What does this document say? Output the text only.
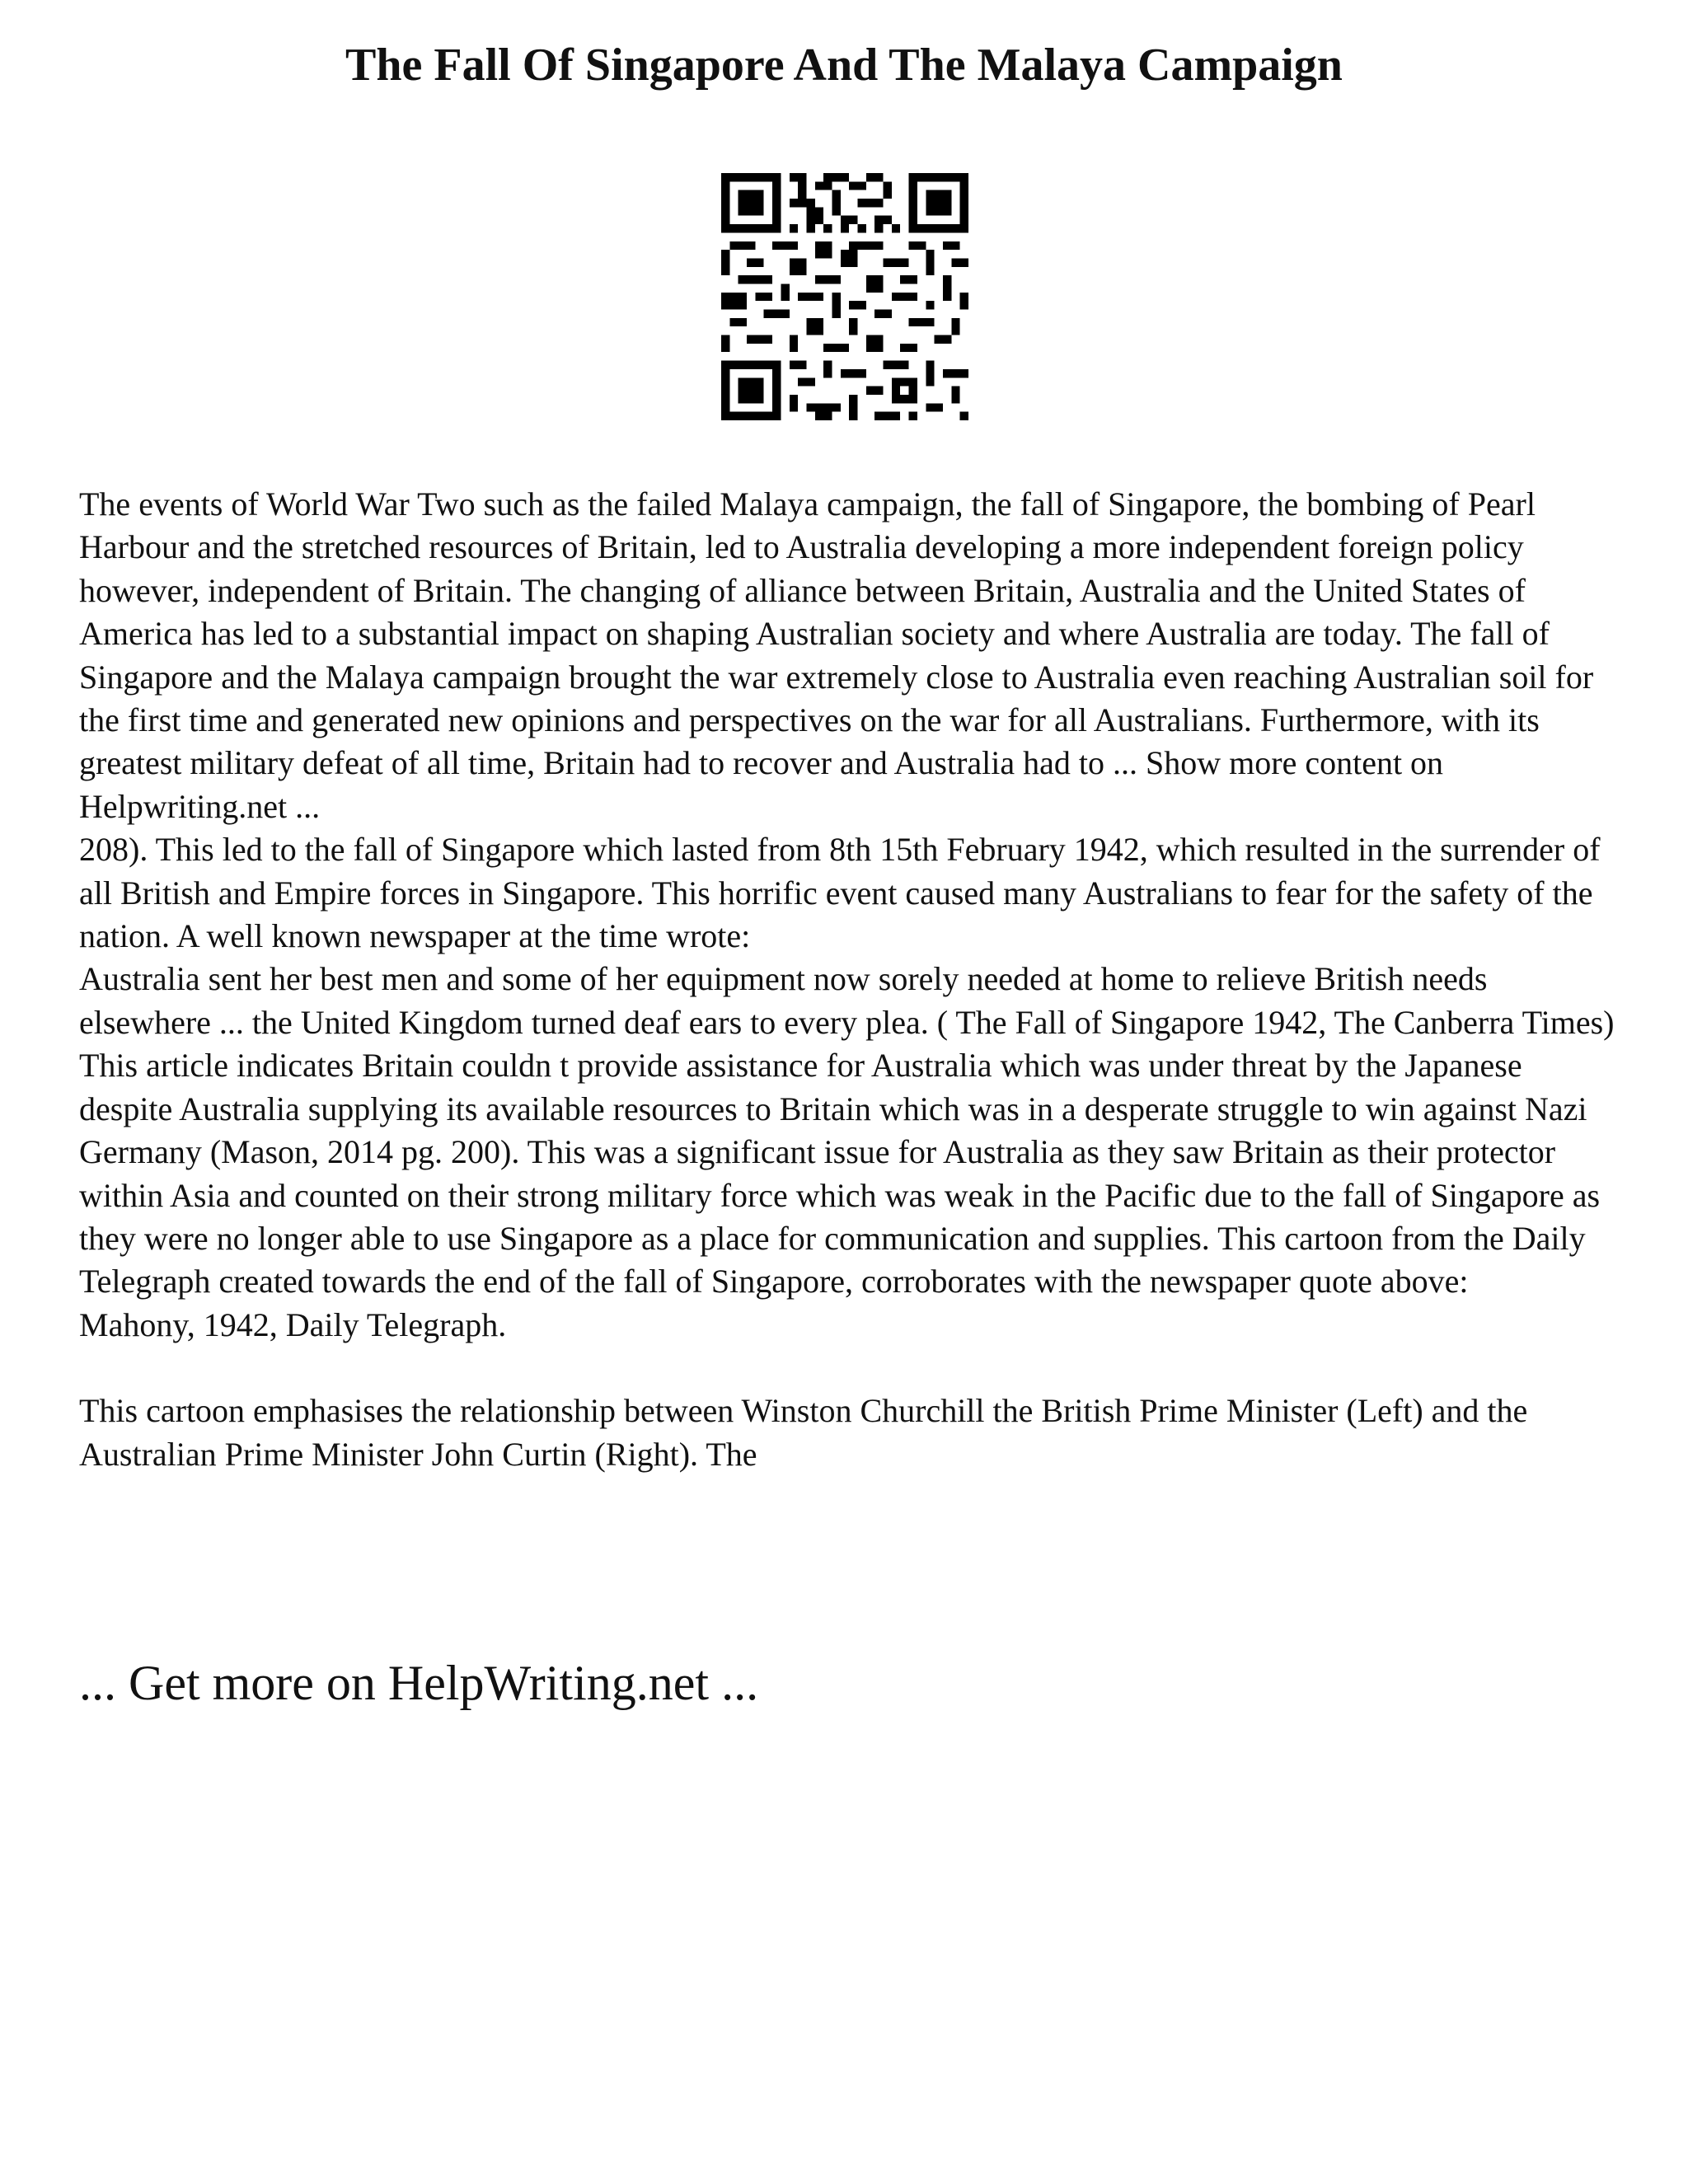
The Fall Of Singapore And The Malaya Campaign

The events of World War Two such as the failed Malaya campaign, the fall of Singapore, the bombing of Pearl Harbour and the stretched resources of Britain, led to Australia developing a more independent foreign policy however, independent of Britain. The changing of alliance between Britain, Australia and the United States of America has led to a substantial impact on shaping Australian society and where Australia are today. The fall of Singapore and the Malaya campaign brought the war extremely close to Australia even reaching Australian soil for the first time and generated new opinions and perspectives on the war for all Australians. Furthermore, with its greatest military defeat of all time, Britain had to recover and Australia had to ... Show more content on Helpwriting.net ...

208). This led to the fall of Singapore which lasted from 8th 15th February 1942, which resulted in the surrender of all British and Empire forces in Singapore. This horrific event caused many Australians to fear for the safety of the nation. A well known newspaper at the time wrote:

Australia sent her best men and some of her equipment now sorely needed at home to relieve British needs elsewhere ... the United Kingdom turned deaf ears to every plea. ( The Fall of Singapore 1942, The Canberra Times)

This article indicates Britain couldn t provide assistance for Australia which was under threat by the Japanese despite Australia supplying its available resources to Britain which was in a desperate struggle to win against Nazi Germany (Mason, 2014 pg. 200). This was a significant issue for Australia as they saw Britain as their protector within Asia and counted on their strong military force which was weak in the Pacific due to the fall of Singapore as they were no longer able to use Singapore as a place for communication and supplies. This cartoon from the Daily Telegraph created towards the end of the fall of Singapore, corroborates with the newspaper quote above:

Mahony, 1942, Daily Telegraph.

This cartoon emphasises the relationship between Winston Churchill the British Prime Minister (Left) and the Australian Prime Minister John Curtin (Right). The

... Get more on HelpWriting.net ...
